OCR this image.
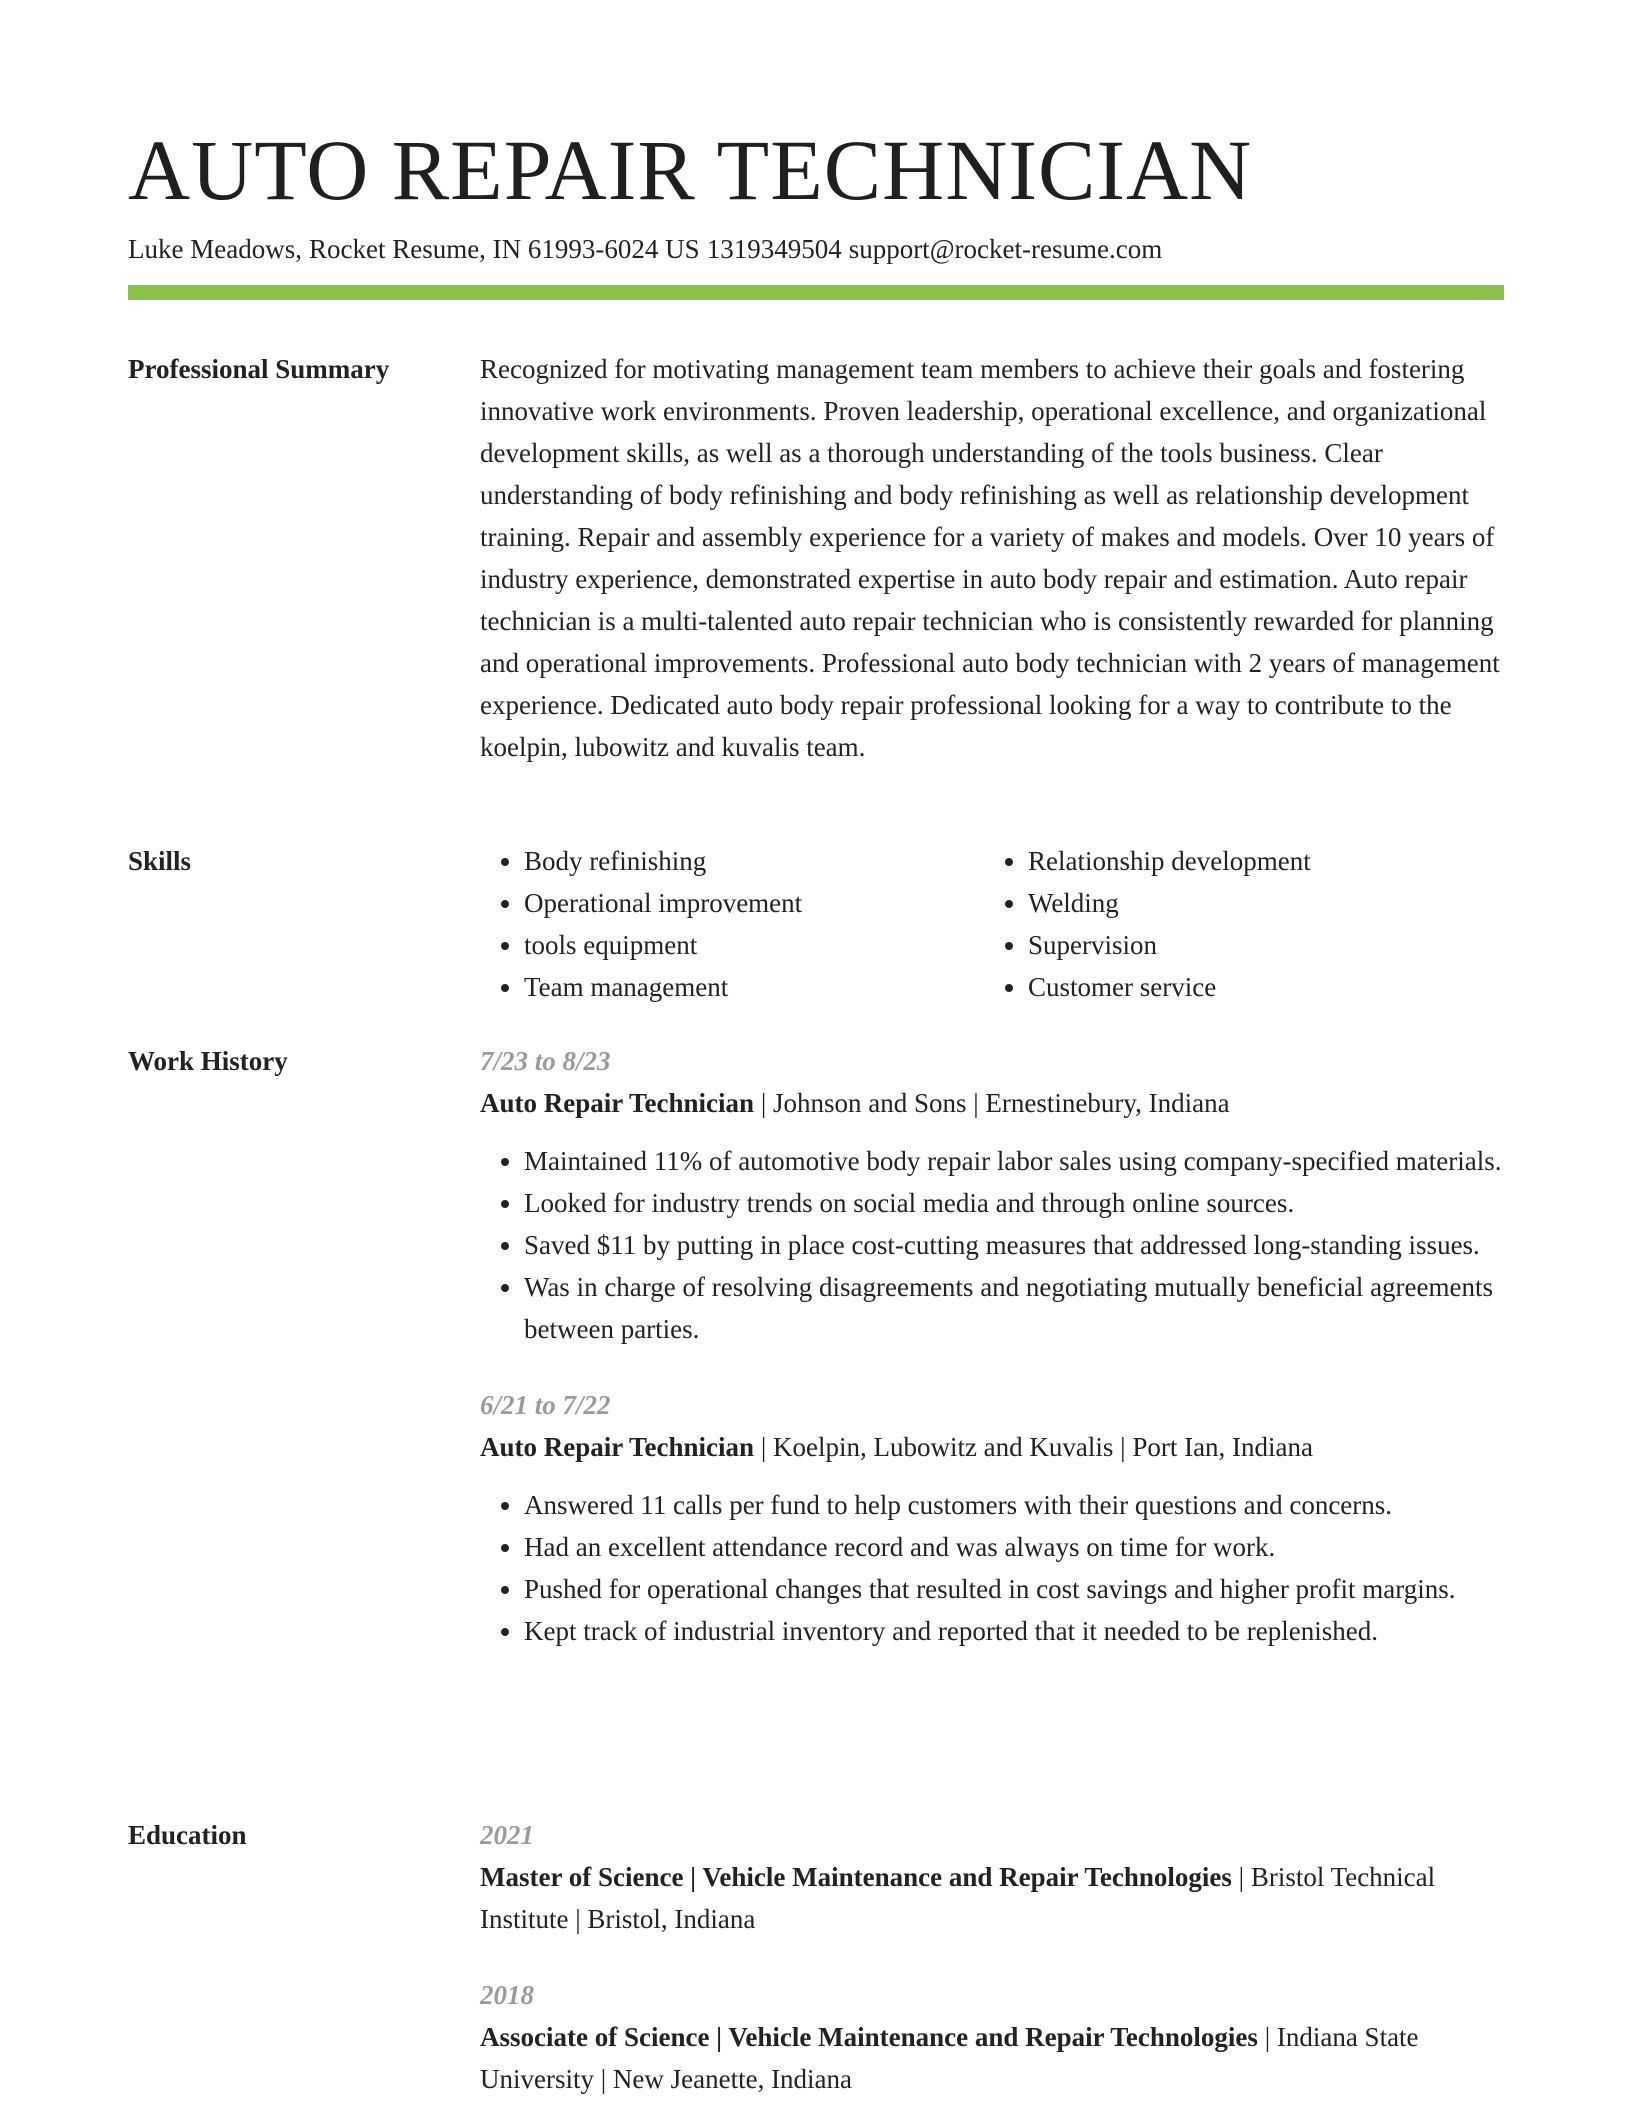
AUTO REPAIR TECHNICIAN
Luke Meadows, Rocket Resume, IN 61993-6024 US 1319349504 support@rocket-resume.com
Professional Summary	Recognized for motivating management team members to achieve their goals and fostering innovative work environments. Proven leadership, operational excellence, and organizational development skills, as well as a thorough understanding of the tools business. Clear understanding of body refinishing and body refinishing as well as relationship development training. Repair and assembly experience for a variety of makes and models. Over 10 years of industry experience, demonstrated expertise in auto body repair and estimation. Auto repair technician is a multi-talented auto repair technician who is consistently rewarded for planning and operational improvements. Professional auto body technician with 2 years of management experience. Dedicated auto body repair professional looking for a way to contribute to the koelpin, lubowitz and kuvalis team.

Skills
•	Body refinishing
• Operational improvement
• tools equipment
• Team management
• Relationship development
• Welding
• Supervision
• Customer service
Work History	7/23 to 8/23
Auto Repair Technician | Johnson and Sons | Ernestinebury, Indiana
• Maintained 11% of automotive body repair labor sales using company-specified materials.
• Looked for industry trends on social media and through online sources.
• Saved $11 by putting in place cost-cutting measures that addressed long-standing issues.
• Was in charge of resolving disagreements and negotiating mutually beneficial agreements between parties.
6/21 to 7/22
Auto Repair Technician | Koelpin, Lubowitz and Kuvalis | Port Ian, Indiana
• Answered 11 calls per fund to help customers with their questions and concerns.
• Had an excellent attendance record and was always on time for work.
• Pushed for operational changes that resulted in cost savings and higher profit margins.
• Kept track of industrial inventory and reported that it needed to be replenished.
Education	2021
Master of Science | Vehicle Maintenance and Repair Technologies | Bristol Technical Institute | Bristol, Indiana
2018
Associate of Science | Vehicle Maintenance and Repair Technologies | Indiana State University | New Jeanette, Indiana
